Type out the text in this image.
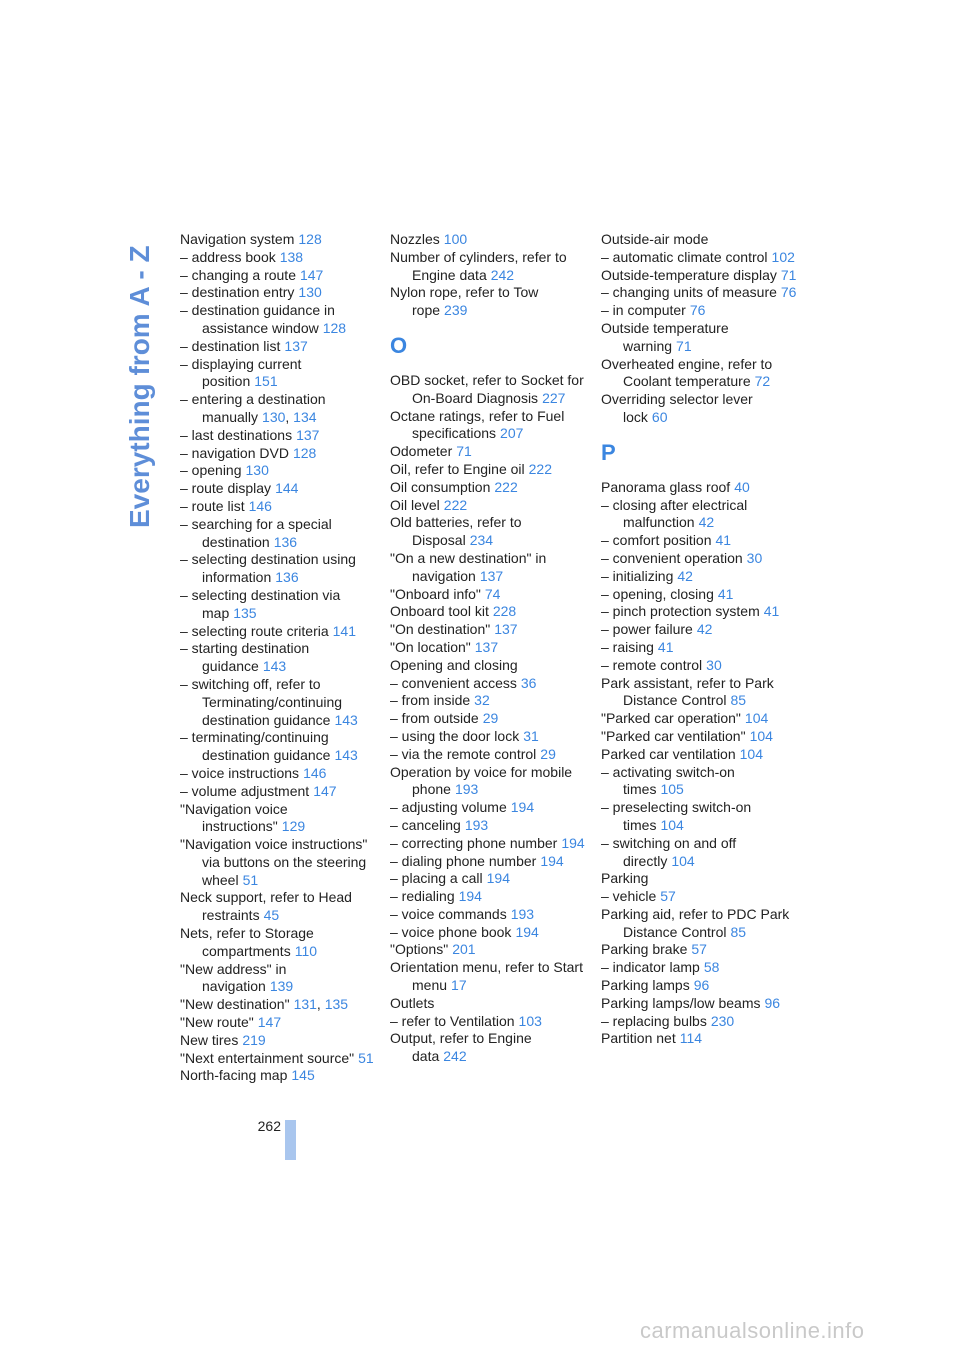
Everything from A - Z
Navigation system 128
– address book 138
– changing a route 147
– destination entry 130
– destination guidance in assistance window 128
– destination list 137
– displaying current position 151
– entering a destination manually 130, 134
– last destinations 137
– navigation DVD 128
– opening 130
– route display 144
– route list 146
– searching for a special destination 136
– selecting destination using information 136
– selecting destination via map 135
– selecting route criteria 141
– starting destination guidance 143
– switching off, refer to Terminating/continuing destination guidance 143
– terminating/continuing destination guidance 143
– voice instructions 146
– volume adjustment 147
"Navigation voice instructions" 129
"Navigation voice instructions" via buttons on the steering wheel 51
Neck support, refer to Head restraints 45
Nets, refer to Storage compartments 110
"New address" in navigation 139
"New destination" 131, 135
"New route" 147
New tires 219
"Next entertainment source" 51
North-facing map 145
Nozzles 100
Number of cylinders, refer to Engine data 242
Nylon rope, refer to Tow rope 239
O
OBD socket, refer to Socket for On-Board Diagnosis 227
Octane ratings, refer to Fuel specifications 207
Odometer 71
Oil, refer to Engine oil 222
Oil consumption 222
Oil level 222
Old batteries, refer to Disposal 234
"On a new destination" in navigation 137
"Onboard info" 74
Onboard tool kit 228
"On destination" 137
"On location" 137
Opening and closing
– convenient access 36
– from inside 32
– from outside 29
– using the door lock 31
– via the remote control 29
Operation by voice for mobile phone 193
– adjusting volume 194
– canceling 193
– correcting phone number 194
– dialing phone number 194
– placing a call 194
– redialing 194
– voice commands 193
– voice phone book 194
"Options" 201
Orientation menu, refer to Start menu 17
Outlets
– refer to Ventilation 103
Output, refer to Engine data 242
Outside-air mode
– automatic climate control 102
Outside-temperature display 71
– changing units of measure 76
– in computer 76
Outside temperature warning 71
Overheated engine, refer to Coolant temperature 72
Overriding selector lever lock 60
P
Panorama glass roof 40
– closing after electrical malfunction 42
– comfort position 41
– convenient operation 30
– initializing 42
– opening, closing 41
– pinch protection system 41
– power failure 42
– raising 41
– remote control 30
Park assistant, refer to Park Distance Control 85
"Parked car operation" 104
"Parked car ventilation" 104
Parked car ventilation 104
– activating switch-on times 105
– preselecting switch-on times 104
– switching on and off directly 104
Parking
– vehicle 57
Parking aid, refer to PDC Park Distance Control 85
Parking brake 57
– indicator lamp 58
Parking lamps 96
Parking lamps/low beams 96
– replacing bulbs 230
Partition net 114
262
carmanualsonline.info
